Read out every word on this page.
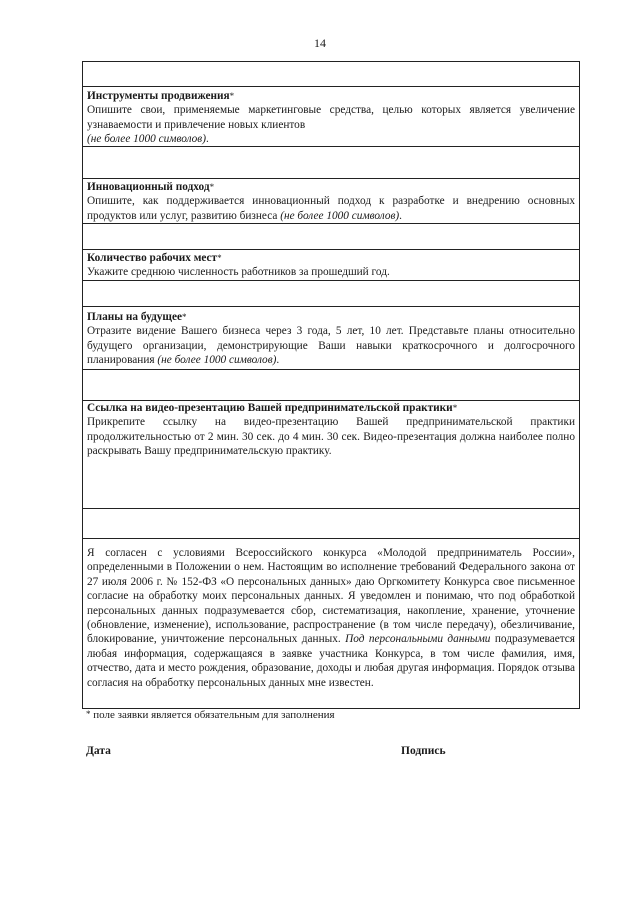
14
Инструменты продвижения*
Опишите свои, применяемые маркетинговые средства, целью которых является увеличение узнаваемости и привлечение новых клиентов
(не более 1000 символов).
Инновационный подход*
Опишите, как поддерживается инновационный подход к разработке и внедрению основных продуктов или услуг, развитию бизнеса (не более 1000 символов).
Количество рабочих мест*
Укажите среднюю численность работников за прошедший год.
Планы на будущее*
Отразите видение Вашего бизнеса через 3 года, 5 лет, 10 лет. Представьте планы относительно будущего организации, демонстрирующие Ваши навыки краткосрочного и долгосрочного планирования (не более 1000 символов).
Ссылка на видео-презентацию Вашей предпринимательской практики*
Прикрепите ссылку на видео-презентацию Вашей предпринимательской практики продолжительностью от 2 мин. 30 сек. до 4 мин. 30 сек. Видео-презентация должна наиболее полно раскрывать Вашу предпринимательскую практику.
Я согласен с условиями Всероссийского конкурса «Молодой предприниматель России», определенными в Положении о нем. Настоящим во исполнение требований Федерального закона от 27 июля 2006 г. № 152-ФЗ «О персональных данных» даю Оргкомитету Конкурса свое письменное согласие на обработку моих персональных данных. Я уведомлен и понимаю, что под обработкой персональных данных подразумевается сбор, систематизация, накопление, хранение, уточнение (обновление, изменение), использование, распространение (в том числе передачу), обезличивание, блокирование, уничтожение персональных данных. Под персональными данными подразумевается любая информация, содержащаяся в заявке участника Конкурса, в том числе фамилия, имя, отчество, дата и место рождения, образование, доходы и любая другая информация. Порядок отзыва согласия на обработку персональных данных мне известен.
* поле заявки является обязательным для заполнения
Дата	Подпись
